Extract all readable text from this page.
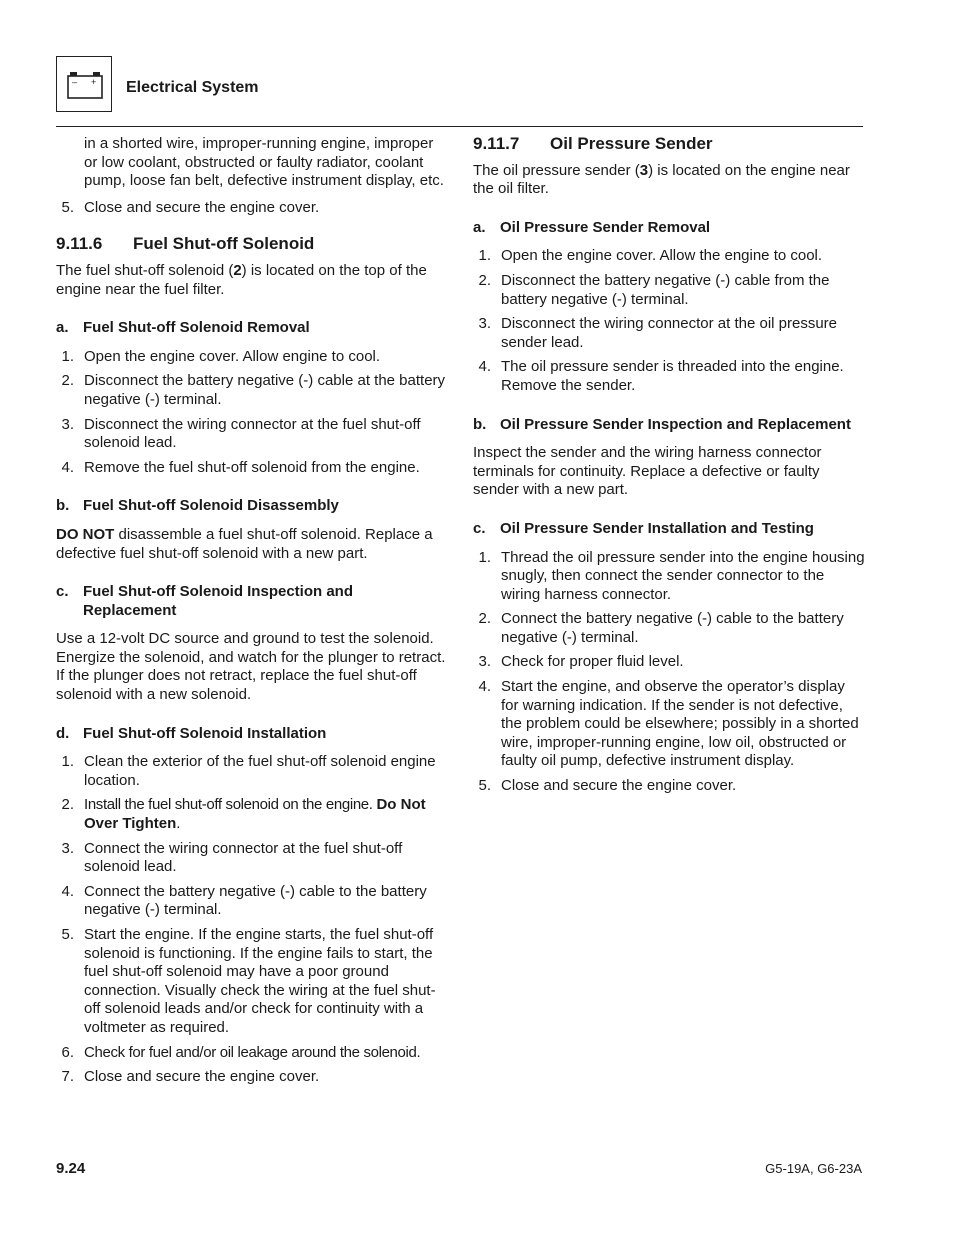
– + Electrical System

in a shorted wire, improper-running engine, improper or low coolant, obstructed or faulty radiator, coolant pump, loose fan belt, defective instrument display, etc.

5. Close and secure the engine cover.
9.11.6 Fuel Shut-off Solenoid

The fuel shut-off solenoid (2) is located on the top of the engine near the fuel filter.

a. Fuel Shut-off Solenoid Removal
1. Open the engine cover. Allow engine to cool.
2. Disconnect the battery negative (-) cable at the battery negative (-) terminal.
3. Disconnect the wiring connector at the fuel shut-off solenoid lead.
4. Remove the fuel shut-off solenoid from the engine.
b. Fuel Shut-off Solenoid Disassembly

DO NOT disassemble a fuel shut-off solenoid. Replace a defective fuel shut-off solenoid with a new part.

c. Fuel Shut-off Solenoid Inspection and Replacement

Use a 12-volt DC source and ground to test the solenoid. Energize the solenoid, and watch for the plunger to retract. If the plunger does not retract, replace the fuel shut-off solenoid with a new solenoid.

d. Fuel Shut-off Solenoid Installation
1. Clean the exterior of the fuel shut-off solenoid engine location.
2. Install the fuel shut-off solenoid on the engine. Do Not Over Tighten.
3. Connect the wiring connector at the fuel shut-off solenoid lead.
4. Connect the battery negative (-) cable to the battery negative (-) terminal.
5. Start the engine. If the engine starts, the fuel shut-off solenoid is functioning. If the engine fails to start, the fuel shut-off solenoid may have a poor ground connection. Visually check the wiring at the fuel shut-off solenoid leads and/or check for continuity with a voltmeter as required.
6. Check for fuel and/or oil leakage around the solenoid.
7. Close and secure the engine cover.
9.11.7 Oil Pressure Sender

The oil pressure sender (3) is located on the engine near the oil filter.

a. Oil Pressure Sender Removal
1. Open the engine cover. Allow the engine to cool.
2. Disconnect the battery negative (-) cable from the battery negative (-) terminal.
3. Disconnect the wiring connector at the oil pressure sender lead.
4. The oil pressure sender is threaded into the engine. Remove the sender.
b. Oil Pressure Sender Inspection and Replacement

Inspect the sender and the wiring harness connector terminals for continuity. Replace a defective or faulty sender with a new part.

c. Oil Pressure Sender Installation and Testing
1. Thread the oil pressure sender into the engine housing snugly, then connect the sender connector to the wiring harness connector.
2. Connect the battery negative (-) cable to the battery negative (-) terminal.
3. Check for proper fluid level.
4. Start the engine, and observe the operator’s display for warning indication. If the sender is not defective, the problem could be elsewhere; possibly in a shorted wire, improper-running engine, low oil, obstructed or faulty oil pump, defective instrument display.
5. Close and secure the engine cover.
9.24	G5-19A, G6-23A
